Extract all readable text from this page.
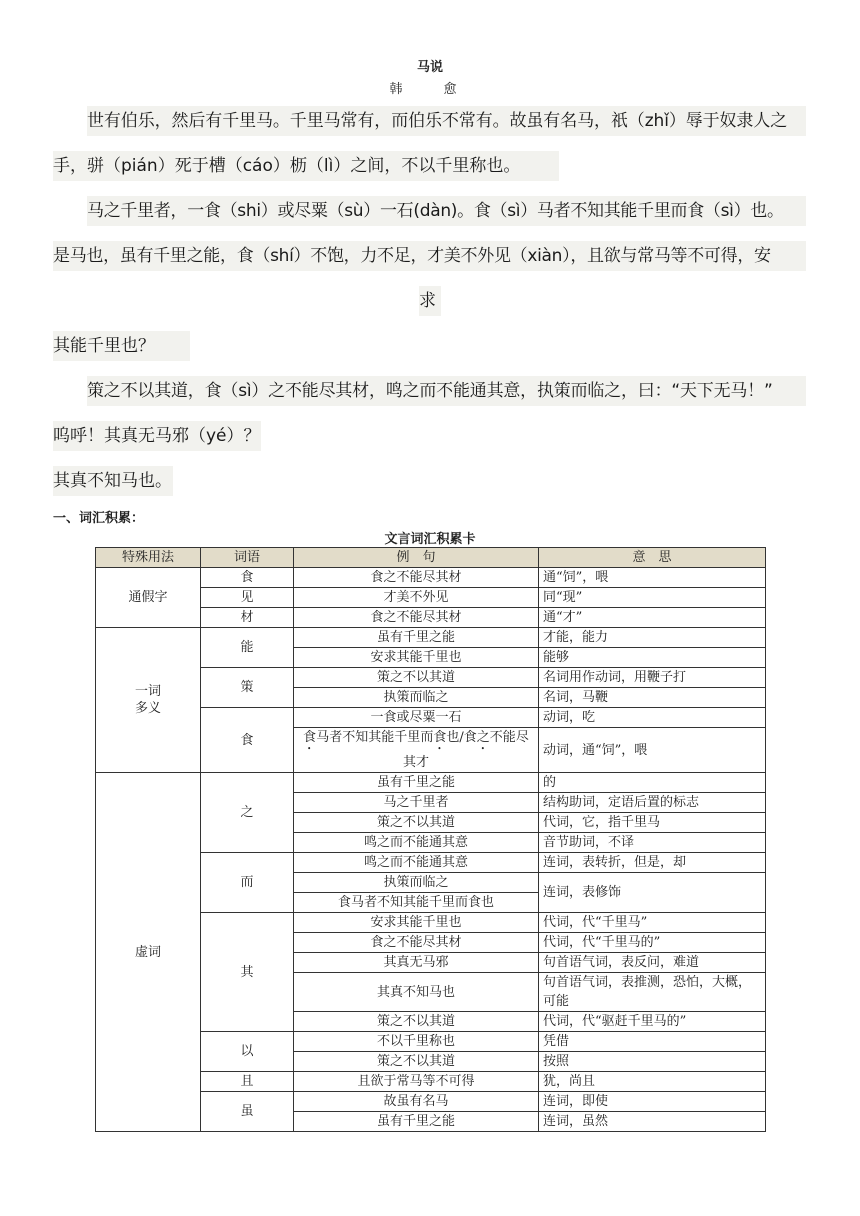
马说
韩　愈
世有伯乐，然后有千里马。千里马常有，而伯乐不常有。故虽有名马，祇（zhǐ）辱于奴隶人之
手，骈（pián）死于槽（cáo）枥（lì）之间，不以千里称也。
马之千里者，一食（shi）或尽粟（sù）一石(dàn)。食（sì）马者不知其能千里而食（sì）也。
是马也，虽有千里之能，食（shí）不饱，力不足，才美不外见（xiàn），且欲与常马等不可得，安
求
其能千里也？
策之不以其道，食（sì）之不能尽其材，鸣之而不能通其意，执策而临之，曰：“天下无马！”
呜呼！其真无马邪（yé）？
其真不知马也。
一、词汇积累：
文言词汇积累卡
特殊用法	词语	例　句	意　思
通假字	食	食之不能尽其材	通“饲”，喂
	见	才美不外见	同“现”
	材	食之不能尽其材	通“才”
一词
多义	能	虽有千里之能	才能，能力
		安求其能千里也	能够
	策	策之不以其道	名词用作动词，用鞭子打
		执策而临之	名词，马鞭
	食	一食或尽粟一石	动词，吃
		食马者不知其能千里而食也/食之不能尽其才	动词，通“饲”，喂
虚词	之	虽有千里之能	的
		马之千里者	结构助词，定语后置的标志
		策之不以其道	代词，它，指千里马
		鸣之而不能通其意	音节助词，不译
	而	鸣之而不能通其意	连词，表转折，但是，却
		执策而临之	连词，表修饰
		食马者不知其能千里而食也	
	其	安求其能千里也	代词，代“千里马”
		食之不能尽其材	代词，代“千里马的”
		其真无马邪	句首语气词，表反问，难道
		其真不知马也	句首语气词，表推测，恐怕，大概，可能
		策之不以其道	代词，代“驱赶千里马的”
	以	不以千里称也	凭借
		策之不以其道	按照
	且	且欲于常马等不可得	犹，尚且
	虽	故虽有名马	连词，即使
		虽有千里之能	连词，虽然
